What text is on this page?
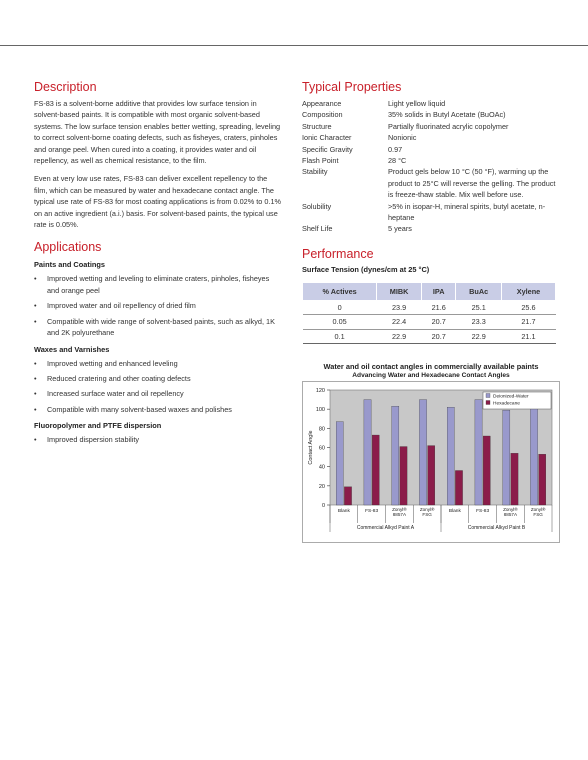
Description

FS-83 is a solvent-borne additive that provides low surface tension in solvent-based paints. It is compatible with most organic solvent-based systems. The low surface tension enables better wetting, spreading, leveling to correct solvent-borne coating defects, such as fisheyes, craters, pinholes and orange peel. When cured into a coating, it provides water and oil repellency, as well as chemical resistance, to the film.

Even at very low use rates, FS-83 can deliver excellent repellency to the film, which can be measured by water and hexadecane contact angle. The typical use rate of FS-83 for most coating applications is from 0.02% to 0.1% on an active ingredient (a.i.) basis. For solvent-based paints, the typical use rate is 0.05%.

Applications
Paints and Coatings
• Improved wetting and leveling to eliminate craters, pinholes, fisheyes and orange peel
• Improved water and oil repellency of dried film
• Compatible with wide range of solvent-based paints, such as alkyd, 1K and 2K polyurethane
Waxes and Varnishes
• Improved wetting and enhanced leveling
• Reduced cratering and other coating defects
• Increased surface water and oil repellency
• Compatible with many solvent-based waxes and polishes
Fluoropolymer and PTFE dispersion
• Improved dispersion stability
Typical Properties
Appearance	Light yellow liquid
Composition	35% solids in Butyl Acetate (BuOAc)
Structure	Partially fluorinated acrylic copolymer
Ionic Character	Nonionic
Specific Gravity	0.97
Flash Point	28 °C
Stability	Product gels below 10 °C (50 °F), warming up the product to 25°C will reverse the gelling. The product is freeze-thaw stable. Mix well before use.
Solubility	>5% in isopar-H, mineral spirits, butyl acetate, n-heptane
Shelf Life	5 years
Performance
Surface Tension (dynes/cm at 25 °C)
% Actives	MIBK	IPA	BuAc	Xylene
0	23.9	21.6	25.1	25.6
0.05	22.4	20.7	23.3	21.7
0.1	22.9	20.7	22.9	21.1
Water and oil contact angles in commercially available paints
Advancing Water and Hexadecane Contact Angles
0
20
40
60
80
100
120
Contact Angle
Blank	FS-83	Zonyl®
8857A
Zonyl®
FSG
Blank	FS-83	Zonyl®
8857A
Zonyl®
FSG
Commercial Alkyd Paint A	Commercial Alkyd Paint B
Deionized-Water
Hexadecane
